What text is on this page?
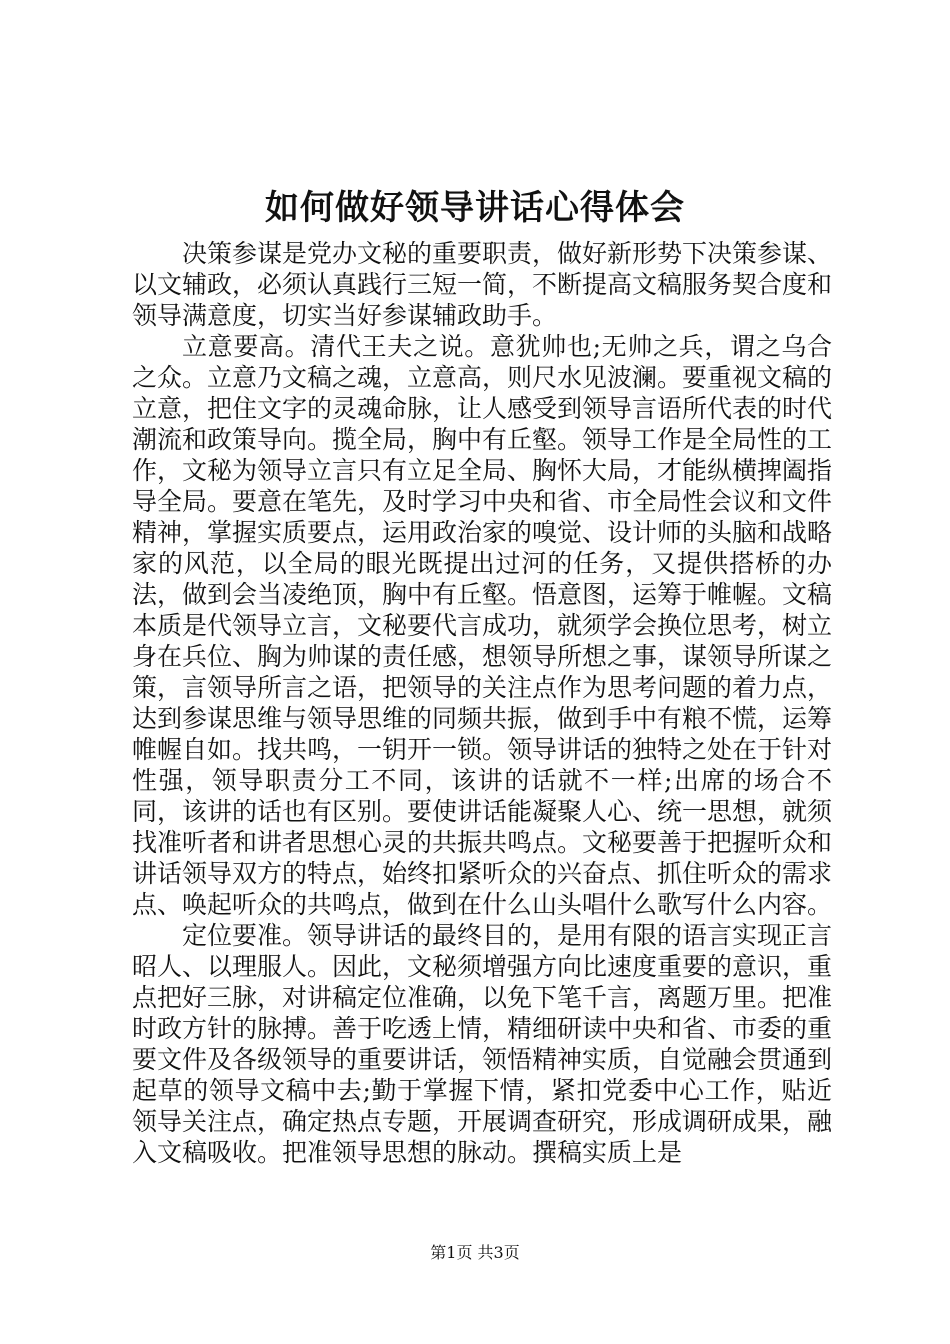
如何做好领导讲话心得体会

决策参谋是党办文秘的重要职责，做好新形势下决策参谋、以文辅政，必须认真践行三短一简，不断提高文稿服务契合度和领导满意度，切实当好参谋辅政助手。

立意要高。清代王夫之说。意犹帅也;无帅之兵，谓之乌合之众。立意乃文稿之魂，立意高，则尺水见波澜。要重视文稿的立意，把住文字的灵魂命脉，让人感受到领导言语所代表的时代潮流和政策导向。揽全局，胸中有丘壑。领导工作是全局性的工作，文秘为领导立言只有立足全局、胸怀大局，才能纵横捭阖指导全局。要意在笔先，及时学习中央和省、市全局性会议和文件精神，掌握实质要点，运用政治家的嗅觉、设计师的头脑和战略家的风范，以全局的眼光既提出过河的任务，又提供搭桥的办法，做到会当凌绝顶，胸中有丘壑。悟意图，运筹于帷幄。文稿本质是代领导立言，文秘要代言成功，就须学会换位思考，树立身在兵位、胸为帅谋的责任感，想领导所想之事，谋领导所谋之策，言领导所言之语，把领导的关注点作为思考问题的着力点，达到参谋思维与领导思维的同频共振，做到手中有粮不慌，运筹帷幄自如。找共鸣，一钥开一锁。领导讲话的独特之处在于针对性强，领导职责分工不同，该讲的话就不一样;出席的场合不同，该讲的话也有区别。要使讲话能凝聚人心、统一思想，就须找准听者和讲者思想心灵的共振共鸣点。文秘要善于把握听众和讲话领导双方的特点，始终扣紧听众的兴奋点、抓住听众的需求点、唤起听众的共鸣点，做到在什么山头唱什么歌写什么内容。

定位要准。领导讲话的最终目的，是用有限的语言实现正言昭人、以理服人。因此，文秘须增强方向比速度重要的意识，重点把好三脉，对讲稿定位准确，以免下笔千言，离题万里。把准时政方针的脉搏。善于吃透上情，精细研读中央和省、市委的重要文件及各级领导的重要讲话，领悟精神实质，自觉融会贯通到起草的领导文稿中去;勤于掌握下情，紧扣党委中心工作，贴近领导关注点，确定热点专题，开展调查研究，形成调研成果，融入文稿吸收。把准领导思想的脉动。撰稿实质上是

第1页 共3页
